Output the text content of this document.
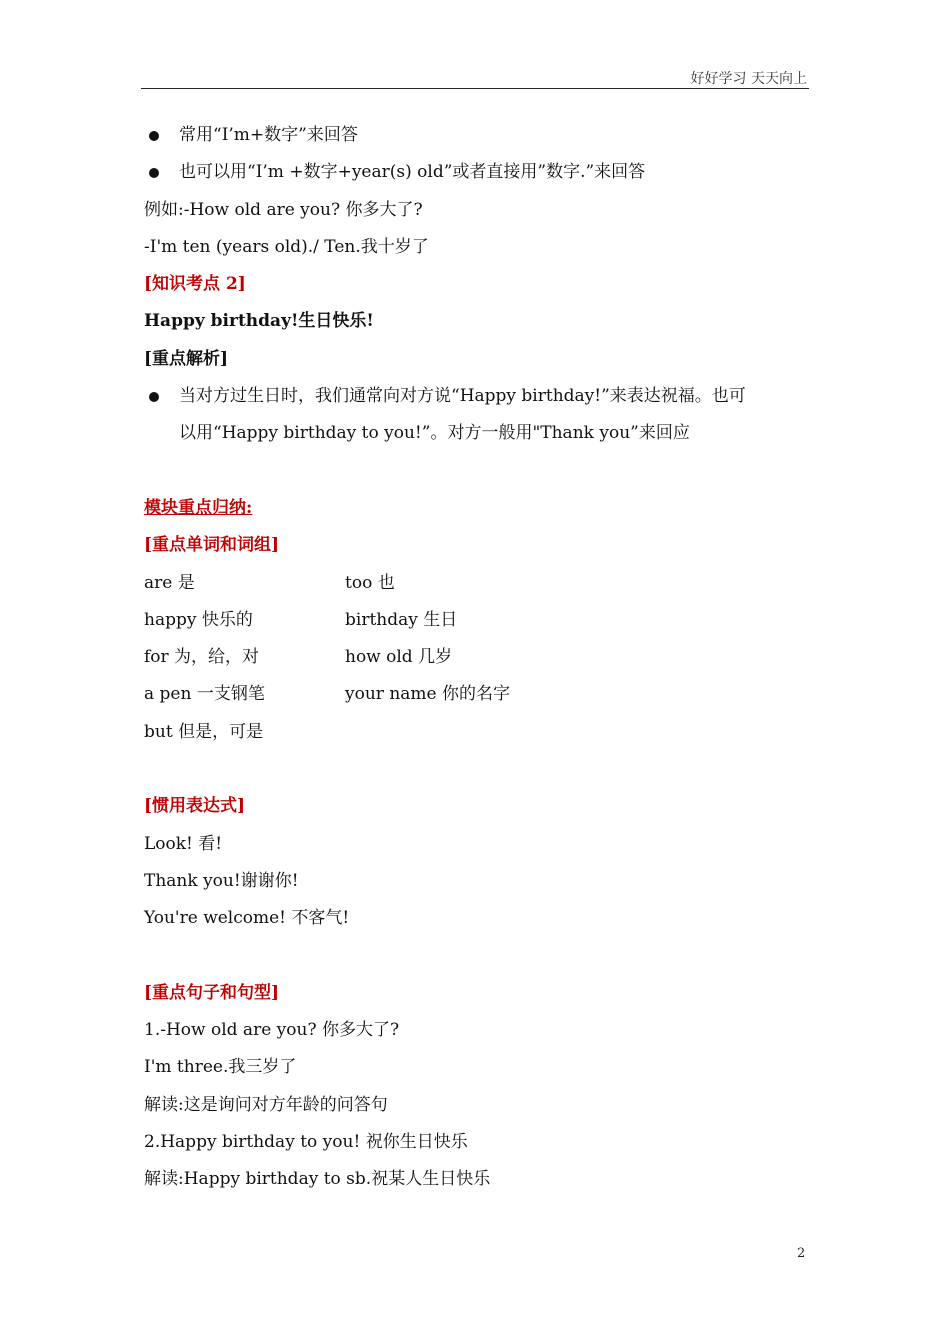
好好学习 天天向上
常用“I’m+数字”来回答
也可以用“I’m +数字+year(s) old”或者直接用”数字.”来回答
例如:-How old are you? 你多大了?
-I'm ten (years old)./ Ten.我十岁了
[知识考点 2]
Happy birthday!生日快乐!
[重点解析]
当对方过生日时，我们通常向对方说“Happy birthday!”来表达祝福。也可
以用“Happy birthday to you!”。对方一般用"Thank you”来回应
模块重点归纳:
[重点单词和词组]
are 是	too 也
happy 快乐的	birthday 生日
for 为，给，对	how old 几岁
a pen 一支钢笔	your name 你的名字
but 但是，可是
[惯用表达式]
Look! 看!
Thank you!谢谢你!
You're welcome! 不客气!
[重点句子和句型]
1.-How old are you? 你多大了?
I'm three.我三岁了
解读:这是询问对方年龄的问答句
2.Happy birthday to you! 祝你生日快乐
解读:Happy birthday to sb.祝某人生日快乐
2
